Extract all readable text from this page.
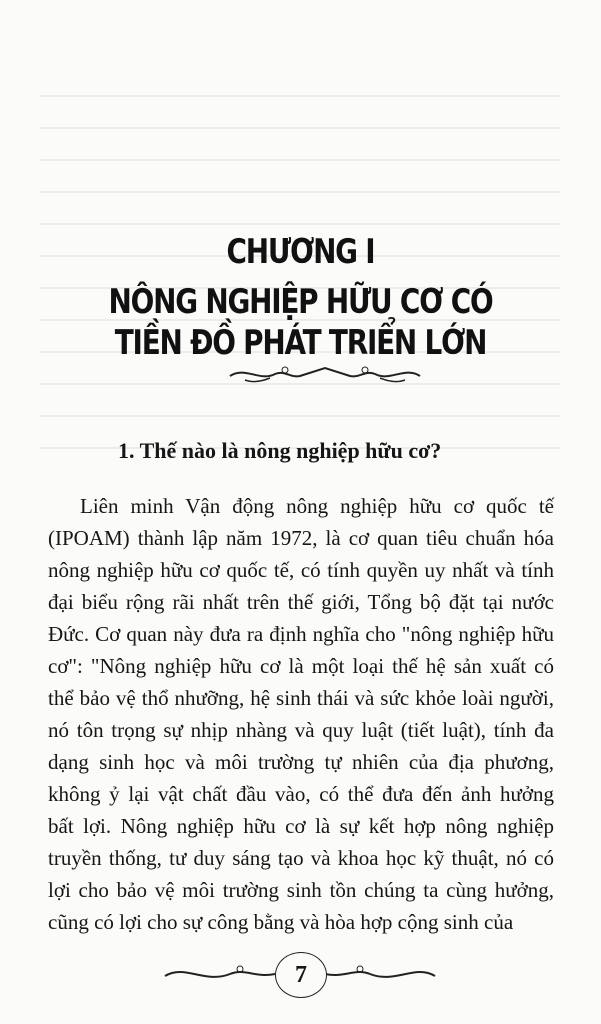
CHƯƠNG I
NÔNG NGHIỆP HỮU CƠ CÓ
TIỀN ĐỒ PHÁT TRIỂN LỚN
1. Thế nào là nông nghiệp hữu cơ?
Liên minh Vận động nông nghiệp hữu cơ quốc tế
(IPOAM) thành lập năm 1972, là cơ quan tiêu chuẩn hóa
nông nghiệp hữu cơ quốc tế, có tính quyền uy nhất và tính
đại biểu rộng rãi nhất trên thế giới, Tổng bộ đặt tại nước
Đức. Cơ quan này đưa ra định nghĩa cho "nông nghiệp hữu
cơ": "Nông nghiệp hữu cơ là một loại thế hệ sản xuất có
thể bảo vệ thổ nhưỡng, hệ sinh thái và sức khỏe loài người,
nó tôn trọng sự nhịp nhàng và quy luật (tiết luật), tính đa
dạng sinh học và môi trường tự nhiên của địa phương,
không ỷ lại vật chất đầu vào, có thể đưa đến ảnh hưởng
bất lợi. Nông nghiệp hữu cơ là sự kết hợp nông nghiệp
truyền thống, tư duy sáng tạo và khoa học kỹ thuật, nó có
lợi cho bảo vệ môi trường sinh tồn chúng ta cùng hưởng,
cũng có lợi cho sự công bằng và hòa hợp cộng sinh của
7
